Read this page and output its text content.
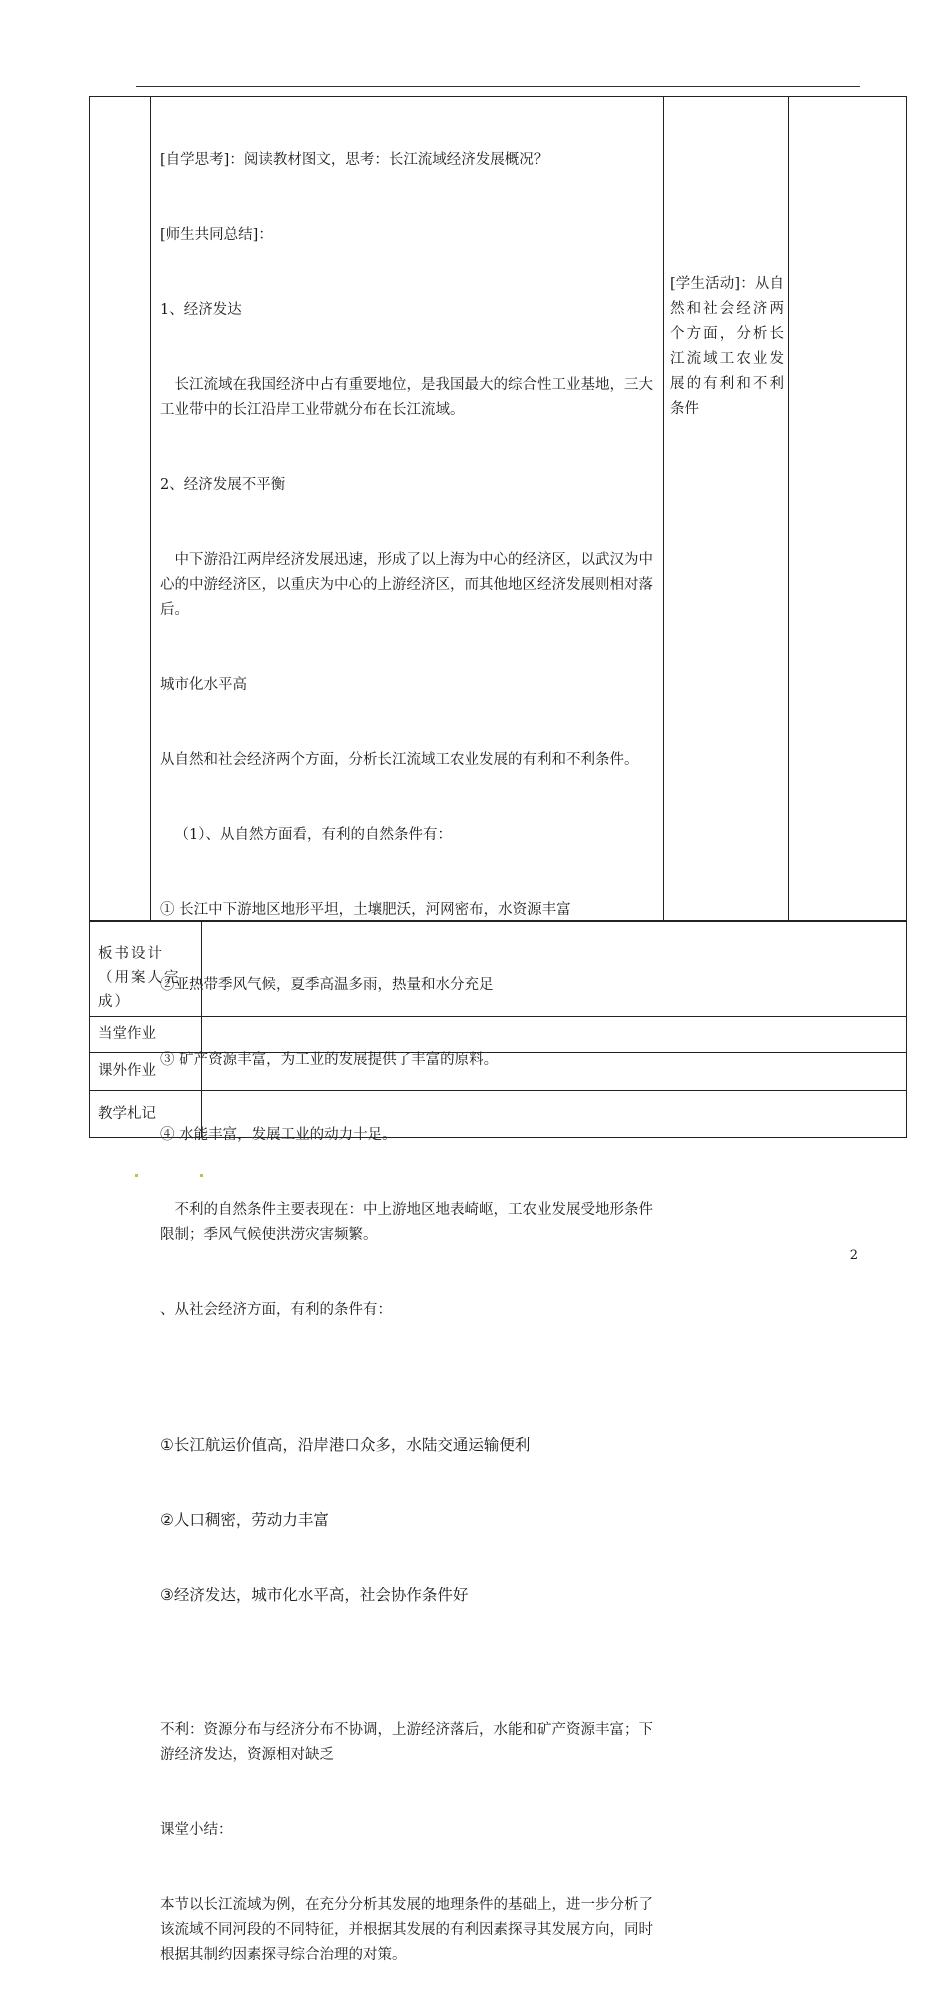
[自学思考]：阅读教材图文，思考：长江流域经济发展概况？

[师生共同总结]：

1、经济发达

长江流域在我国经济中占有重要地位，是我国最大的综合性工业基地，三大工业带中的长江沿岸工业带就分布在长江流域。

2、经济发展不平衡

中下游沿江两岸经济发展迅速，形成了以上海为中心的经济区，以武汉为中心的中游经济区，以重庆为中心的上游经济区，而其他地区经济发展则相对落后。

城市化水平高

从自然和社会经济两个方面，分析长江流域工农业发展的有利和不利条件。

（1）、从自然方面看，有利的自然条件有：

① 长江中下游地区地形平坦，土壤肥沃，河网密布，水资源丰富

②亚热带季风气候，夏季高温多雨，热量和水分充足

③ 矿产资源丰富，为工业的发展提供了丰富的原料。

④ 水能丰富，发展工业的动力十足。

不利的自然条件主要表现在：中上游地区地表崎岖，工农业发展受地形条件限制；季风气候使洪涝灾害频繁。

、从社会经济方面，有利的条件有：

①长江航运价值高，沿岸港口众多，水陆交通运输便利

②人口稠密，劳动力丰富

③经济发达，城市化水平高，社会协作条件好

不利：资源分布与经济分布不协调，上游经济落后，水能和矿产资源丰富；下游经济发达，资源相对缺乏

课堂小结：

本节以长江流域为例，在充分分析其发展的地理条件的基础上，进一步分析了该流域不同河段的不同特征，并根据其发展的有利因素探寻其发展方向，同时根据其制约因素探寻综合治理的对策。

[学生活动]：从自然和社会经济两个方面，分析长江流域工农业发展的有利和不利条件
板书设计（用案人完成）
当堂作业
课外作业
教学札记
2
